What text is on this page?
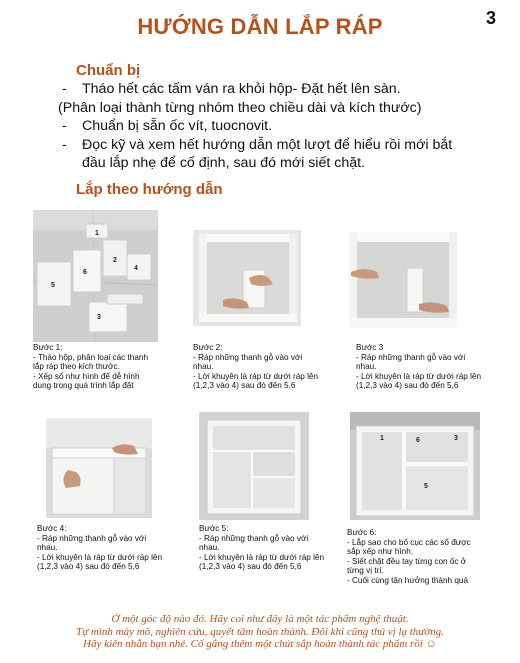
3
HƯỚNG DẪN LẮP RÁP
Chuẩn bị
- Tháo hết các tấm ván ra khỏi hộp- Đặt hết lên sàn.
(Phân loại thành từng nhóm theo chiều dài và kích thước)
- Chuẩn bị sẵn ốc vít, tuocnovit.
- Đọc kỹ và xem hết hướng dẫn một lượt để hiểu rồi mới bắt
đầu lắp nhẹ để cố định, sau đó mới siết chặt.
Lắp theo hướng dẫn
1
2
3
4
5
6
Bước 1:
- Tháo hộp, phân loại các thanh
lắp ráp theo kích thước.
- Xếp số như hình để dễ hình
dung trong quá trình lắp đặt
Bước 2:
- Ráp những thanh gỗ vào với
nhau.
- Lời khuyên là ráp từ dưới ráp lên
(1,2,3 vào 4) sau đó đến 5,6
Bước 3
- Ráp những thanh gỗ vào với
nhau.
- Lời khuyên là ráp từ dưới ráp lên
(1,2,3 vào 4) sau đó đến 5,6
Bước 4:
- Ráp những thanh gỗ vào với
nhau.
- Lời khuyên là ráp từ dưới ráp lên
(1,2,3 vào 4) sau đó đến 5,6
Bước 5:
- Ráp những thanh gỗ vào với
nhau.
- Lời khuyên là ráp từ dưới ráp lên
(1,2,3 vào 4) sau đó đến 5,6
1	6	3
5
Bước 6:
- Lắp sao cho bố cục các số được
sắp xếp như hình.
- Siết chặt đều tay từng con ốc ở
từng vị trí.
- Cuối cùng tận hưởng thành quả
Ở một góc độ nào đó. Hãy coi như đây là một tác phẩm nghệ thuật.
Tự mình mày mò, nghiên cứu, quyết tâm hoàn thành. Đôi khi cũng thú vị lạ thường.
Hãy kiên nhẫn bạn nhé. Cố gắng thêm một chút sắp hoàn thành tác phẩm rồi ☺
